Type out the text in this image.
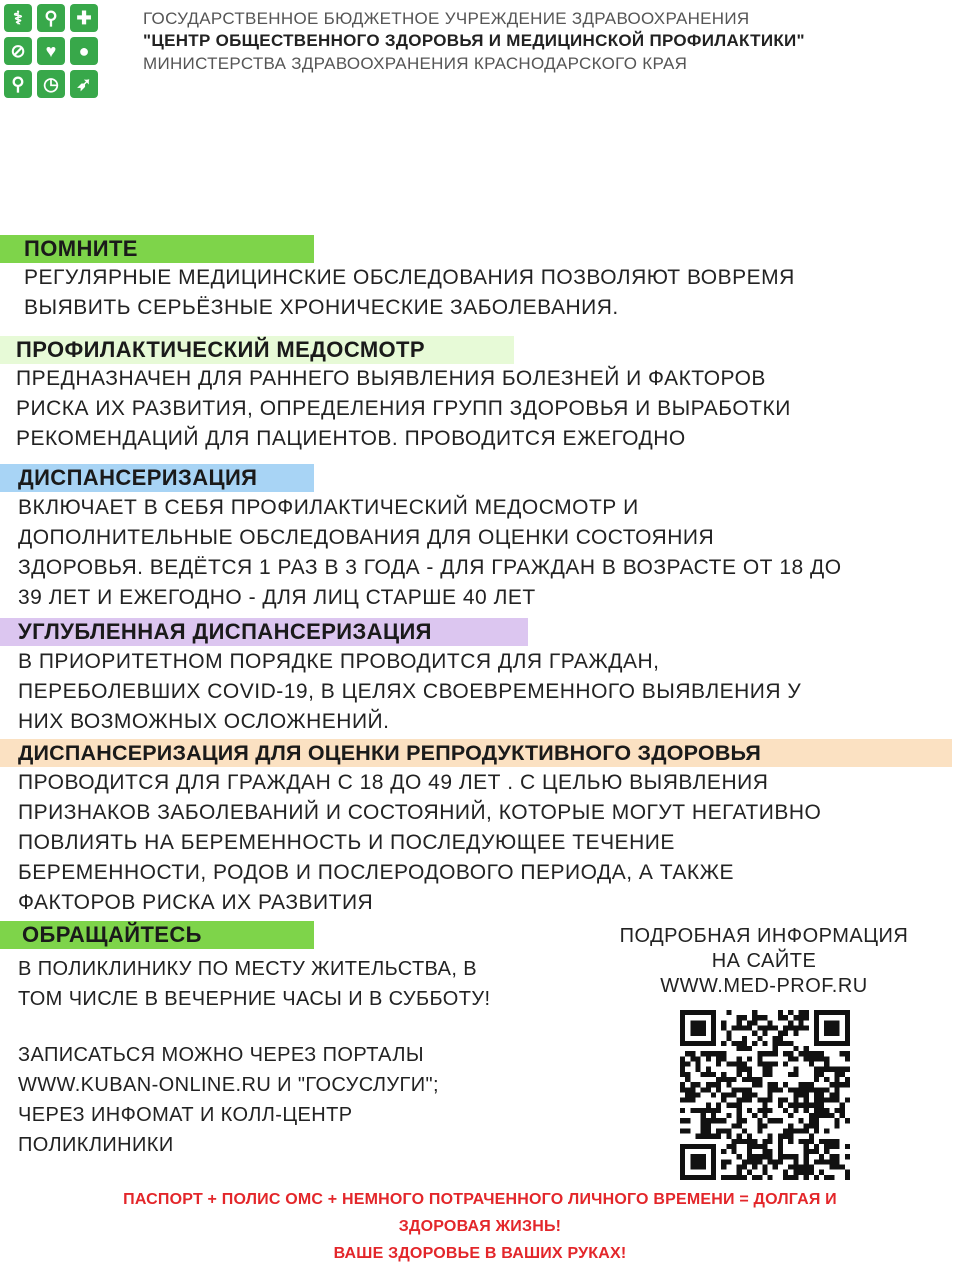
⚕ ⚲ ✚
⊘ ♥ ●
⚲ ◷ ➶
ГОСУДАРСТВЕННОЕ БЮДЖЕТНОЕ УЧРЕЖДЕНИЕ ЗДРАВООХРАНЕНИЯ
"ЦЕНТР ОБЩЕСТВЕННОГО ЗДОРОВЬЯ И МЕДИЦИНСКОЙ ПРОФИЛАКТИКИ"
МИНИСТЕРСТВА ЗДРАВООХРАНЕНИЯ КРАСНОДАРСКОГО КРАЯ
ПОМНИТЕ
РЕГУЛЯРНЫЕ МЕДИЦИНСКИЕ ОБСЛЕДОВАНИЯ ПОЗВОЛЯЮТ ВОВРЕМЯ
ВЫЯВИТЬ СЕРЬЁЗНЫЕ ХРОНИЧЕСКИЕ ЗАБОЛЕВАНИЯ.
ПРОФИЛАКТИЧЕСКИЙ МЕДОСМОТР
ПРЕДНАЗНАЧЕН ДЛЯ РАННЕГО ВЫЯВЛЕНИЯ БОЛЕЗНЕЙ И ФАКТОРОВ
РИСКА ИХ РАЗВИТИЯ, ОПРЕДЕЛЕНИЯ ГРУПП ЗДОРОВЬЯ И ВЫРАБОТКИ
РЕКОМЕНДАЦИЙ ДЛЯ ПАЦИЕНТОВ. ПРОВОДИТСЯ ЕЖЕГОДНО
ДИСПАНСЕРИЗАЦИЯ
ВКЛЮЧАЕТ В СЕБЯ ПРОФИЛАКТИЧЕСКИЙ МЕДОСМОТР И
ДОПОЛНИТЕЛЬНЫЕ ОБСЛЕДОВАНИЯ ДЛЯ ОЦЕНКИ СОСТОЯНИЯ
ЗДОРОВЬЯ. ВЕДЁТСЯ 1 РАЗ В 3 ГОДА - ДЛЯ ГРАЖДАН В ВОЗРАСТЕ ОТ 18 ДО
39 ЛЕТ И ЕЖЕГОДНО - ДЛЯ ЛИЦ СТАРШЕ 40 ЛЕТ
УГЛУБЛЕННАЯ ДИСПАНСЕРИЗАЦИЯ
В ПРИОРИТЕТНОМ ПОРЯДКЕ ПРОВОДИТСЯ ДЛЯ ГРАЖДАН,
ПЕРЕБОЛЕВШИХ COVID-19, В ЦЕЛЯХ СВОЕВРЕМЕННОГО ВЫЯВЛЕНИЯ У
НИХ ВОЗМОЖНЫХ ОСЛОЖНЕНИЙ.
ДИСПАНСЕРИЗАЦИЯ ДЛЯ ОЦЕНКИ РЕПРОДУКТИВНОГО ЗДОРОВЬЯ
ПРОВОДИТСЯ ДЛЯ ГРАЖДАН С 18 ДО 49 ЛЕТ . С ЦЕЛЬЮ ВЫЯВЛЕНИЯ
ПРИЗНАКОВ ЗАБОЛЕВАНИЙ И СОСТОЯНИЙ, КОТОРЫЕ МОГУТ НЕГАТИВНО
ПОВЛИЯТЬ НА БЕРЕМЕННОСТЬ И ПОСЛЕДУЮЩЕЕ ТЕЧЕНИЕ
БЕРЕМЕННОСТИ, РОДОВ И ПОСЛЕРОДОВОГО ПЕРИОДА, А ТАКЖЕ
ФАКТОРОВ РИСКА ИХ РАЗВИТИЯ
ОБРАЩАЙТЕСЬ
В ПОЛИКЛИНИКУ ПО МЕСТУ ЖИТЕЛЬСТВА, В
ТОМ ЧИСЛЕ В ВЕЧЕРНИЕ ЧАСЫ И В СУББОТУ!
ЗАПИСАТЬСЯ МОЖНО ЧЕРЕЗ ПОРТАЛЫ
WWW.KUBAN-ONLINE.RU И "ГОСУСЛУГИ";
ЧЕРЕЗ ИНФОМАТ И КОЛЛ-ЦЕНТР
ПОЛИКЛИНИКИ
ПОДРОБНАЯ ИНФОРМАЦИЯ
НА САЙТЕ
WWW.MED-PROF.RU
ПАСПОРТ + ПОЛИС ОМС + НЕМНОГО ПОТРАЧЕННОГО ЛИЧНОГО ВРЕМЕНИ = ДОЛГАЯ И
ЗДОРОВАЯ ЖИЗНЬ!
ВАШЕ ЗДОРОВЬЕ В ВАШИХ РУКАХ!
